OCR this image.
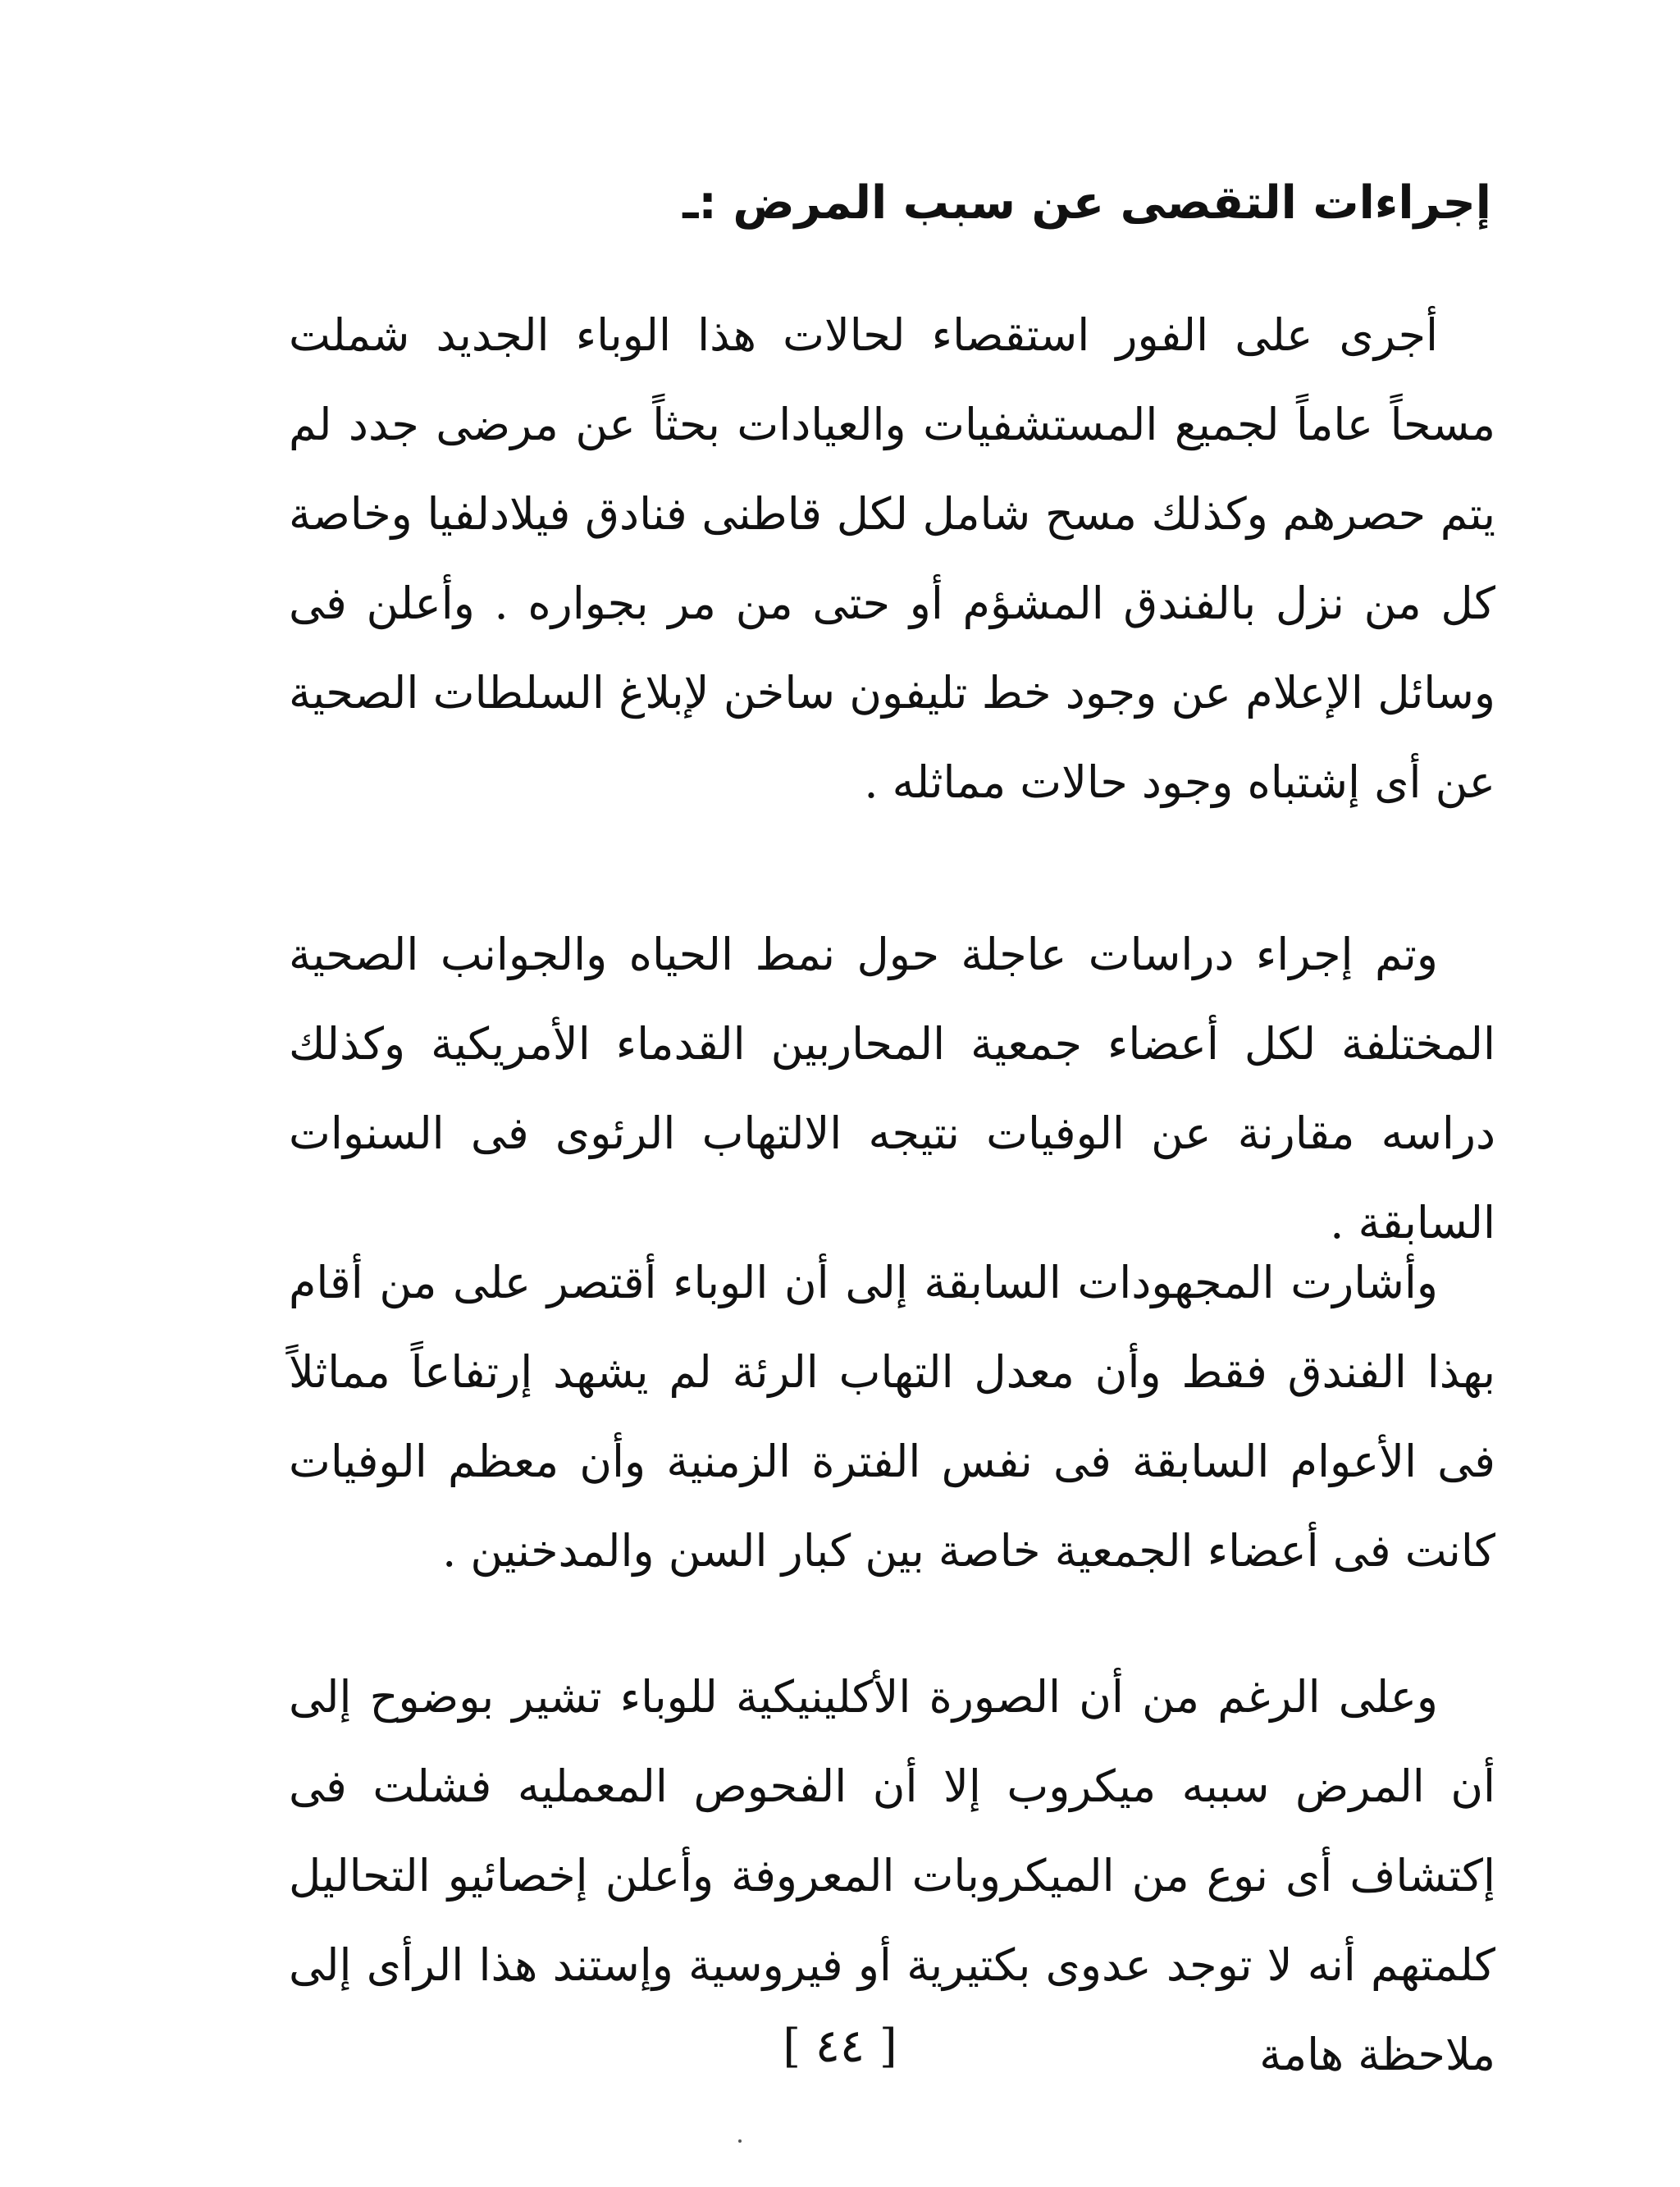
إجراءات التقصى عن سبب المرض :ـ

أجرى على الفور استقصاء لحالات هذا الوباء الجديد شملت مسحاً عاماً لجميع المستشفيات والعيادات بحثاً عن مرضى جدد لم يتم حصرهم وكذلك مسح شامل لكل قاطنى فنادق فيلادلفيا وخاصة كل من نزل بالفندق المشؤم أو حتى من مر بجواره . وأعلن فى وسائل الإعلام عن وجود خط تليفون ساخن لإبلاغ السلطات الصحية عن أى إشتباه وجود حالات مماثله .

وتم إجراء دراسات عاجلة حول نمط الحياه والجوانب الصحية المختلفة لكل أعضاء جمعية المحاربين القدماء الأمريكية وكذلك دراسه مقارنة عن الوفيات نتيجه الالتهاب الرئوى فى السنوات السابقة .

وأشارت المجهودات السابقة إلى أن الوباء أقتصر على من أقام بهذا الفندق فقط وأن معدل التهاب الرئة لم يشهد إرتفاعاً مماثلاً فى الأعوام السابقة فى نفس الفترة الزمنية وأن معظم الوفيات كانت فى أعضاء الجمعية خاصة بين كبار السن والمدخنين .

وعلى الرغم من أن الصورة الأكلينيكية للوباء تشير بوضوح إلى أن المرض سببه ميكروب إلا أن الفحوص المعمليه فشلت فى إكتشاف أى نوع من الميكروبات المعروفة وأعلن إخصائيو التحاليل كلمتهم أنه لا توجد عدوى بكتيرية أو فيروسية وإستند هذا الرأى إلى ملاحظة هامة

[ ٤٤ ]
